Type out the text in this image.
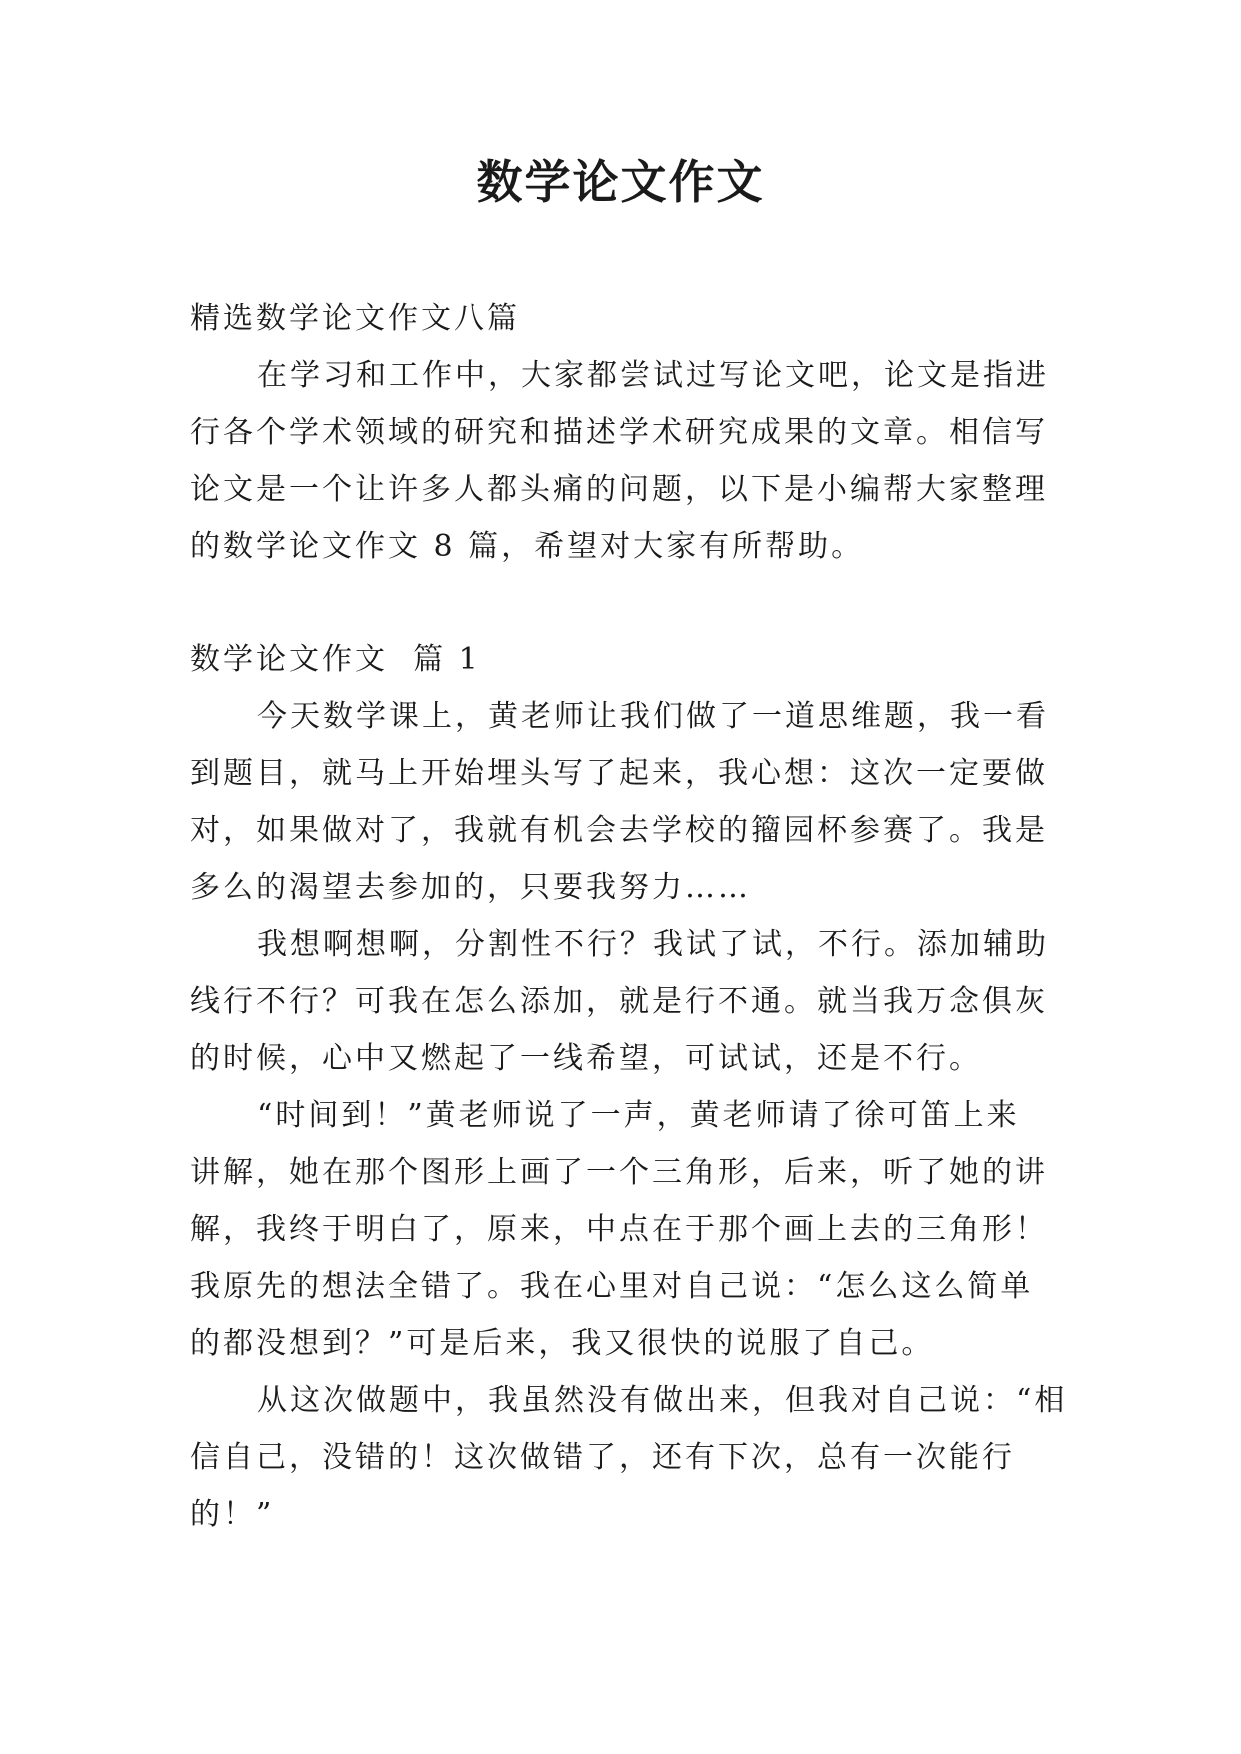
数学论文作文
精选数学论文作文八篇
在学习和工作中，大家都尝试过写论文吧，论文是指进
行各个学术领域的研究和描述学术研究成果的文章。相信写
论文是一个让许多人都头痛的问题，以下是小编帮大家整理
的数学论文作文 8 篇，希望对大家有所帮助。
数学论文作文  篇 1
今天数学课上，黄老师让我们做了一道思维题，我一看
到题目，就马上开始埋头写了起来，我心想：这次一定要做
对，如果做对了，我就有机会去学校的籀园杯参赛了。我是
多么的渴望去参加的，只要我努力……
我想啊想啊，分割性不行？我试了试，不行。添加辅助
线行不行？可我在怎么添加，就是行不通。就当我万念俱灰
的时候，心中又燃起了一线希望，可试试，还是不行。
“时间到！”黄老师说了一声，黄老师请了徐可笛上来
讲解，她在那个图形上画了一个三角形，后来，听了她的讲
解，我终于明白了，原来，中点在于那个画上去的三角形！
我原先的想法全错了。我在心里对自己说：“怎么这么简单
的都没想到？”可是后来，我又很快的说服了自己。
从这次做题中，我虽然没有做出来，但我对自己说：“相
信自己，没错的！这次做错了，还有下次，总有一次能行
的！”
